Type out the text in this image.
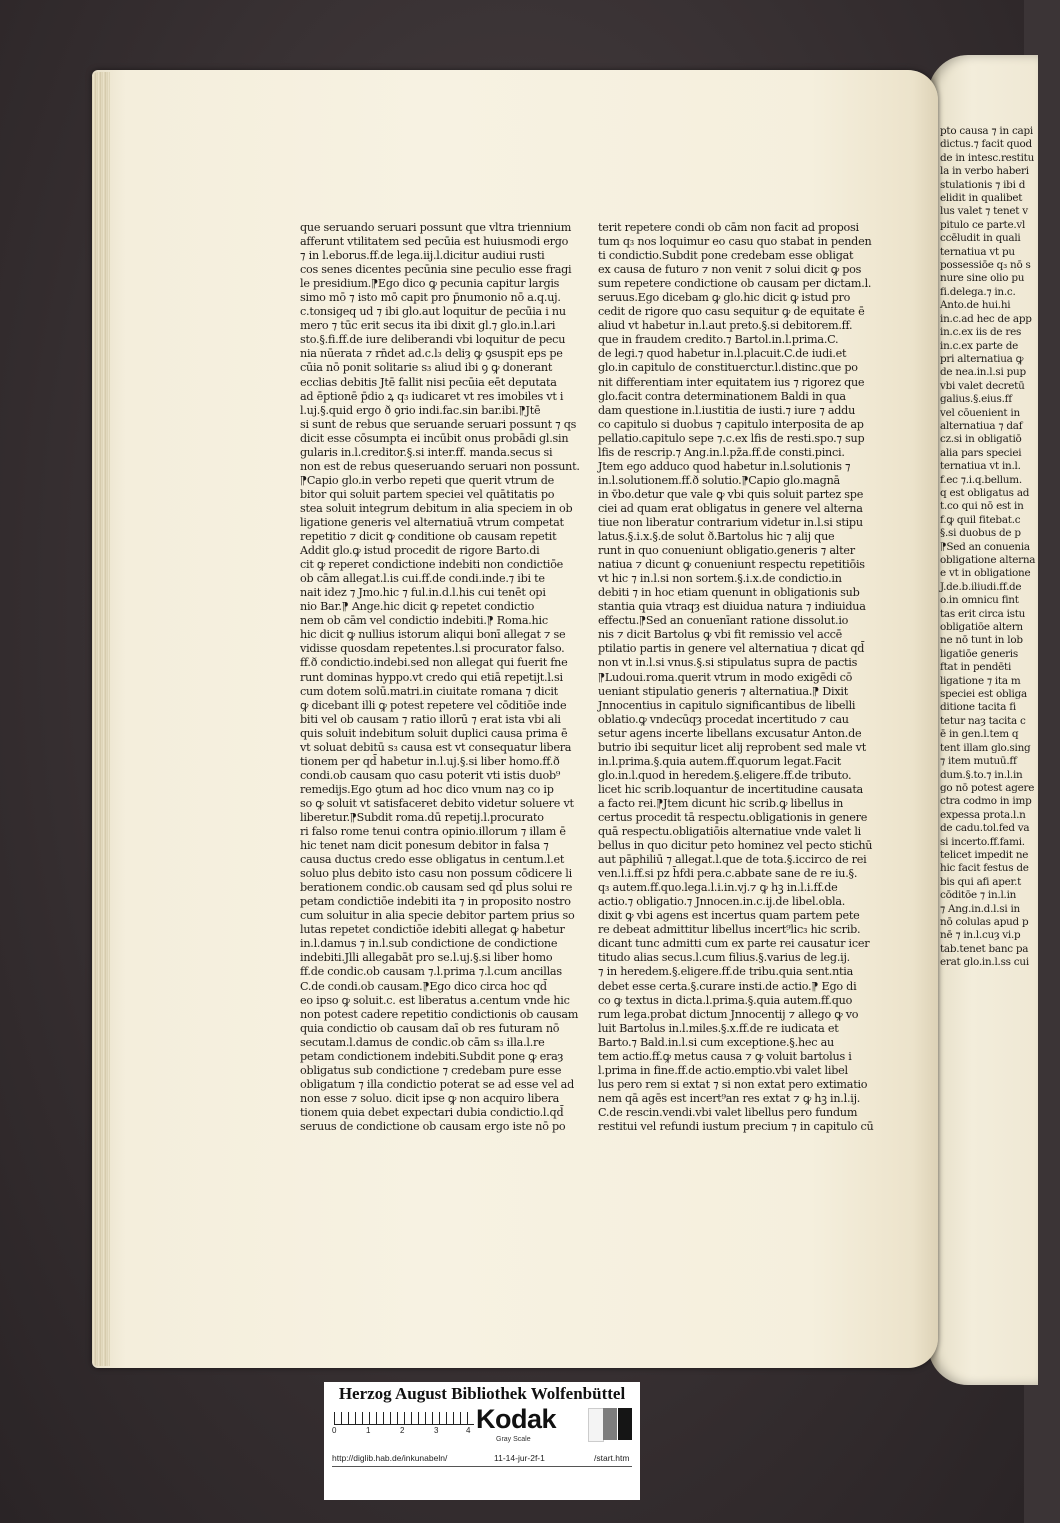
pto causa ⁊ in capi
dictus.⁊ facit quod
de in intesc.restitu
la in verbo haberi
stulationis ⁊ ibi d
elidit in qualibet
lus valet ⁊ tenet v
pitulo ce parte.vl
ccēludit in quali
ternatiua vt pu
possessiōe q₃ nō s
nure sine olio pu
fi.delega.⁊ in.c.
Anto.de hui.hi
in.c.ad hec de app
in.c.ex iis de res
in.c.ex parte de
pri alternatiua ꝙ
de nea.in.l.si pup
vbi valet decretū
galius.§.eius.ff
vel cōuenient in
alternatiua ⁊ daf
cz.si in obligatiō
alia pars speciei
ternatiua vt in.l.
f.ec ⁊.i.q.bellum.
q est obligatus ad
t.co qui nō est in
f.ꝙ quil fitebat.c
§.si duobus de p
⁋Sed an conuenia
obligatione alterna
e vt in obligatione
J.de.b.iliudi.ff.de
o.in omnicu fint
tas erit circa istu
obligatiōe altern
ne nō tunt in lob
ligatiōe generis
ftat in pendēti
ligatione ⁊ ita m
speciei est obliga
ditione tacita fi
tetur naȝ tacita c
ē in gen.l.tem q
tent illam glo.sing
⁊ item mutuū.ff
dum.§.to.⁊ in.l.in
go nō potest agere
ctra codmo in imp
expessa prota.l.n
de cadu.tol.fed va
si incerto.ff.fami.
telicet impedit ne
hic facit festus de
bis qui afi aper.t
cōditōe ⁊ in.l.in
⁊ Ang.in.d.l.si in
nō colulas apud p
nē ⁊ in.l.cuȝ vi.p
tab.tenet banc pa
erat glo.in.l.ss cui
que seruando seruari possunt que vltra triennium
afferunt vtilitatem sed pecūia est huiusmodi ergo
⁊ in l.eborus.ff.de lega.iij.l.dicitur audiui rusti
cos senes dicentes pecūnia sine peculio esse fragi
le presidium.⁋Ego dico ꝙ pecunia capitur largis
simo mō ⁊ isto mō capit pro p̄numonio nō a.q.uj.
c.tonsigeq ud ⁊ ibi glo.aut loquitur de pecūia i nu
mero ⁊ tūc erit secus ita ibi dixit gl.⁊ glo.in.l.ari
sto.§.fi.ff.de iure deliberandi vbi loquitur de pecu
nia nūerata ⁊ rn̄det ad.c.l₃ deliȝ ꝙ ꝯsuspit eps pe
cūia nō ponit solitarie s₃ aliud ibi ꝯ ꝙ donerant
ecclias debitis Jtē fallit nisi pecūia eēt deputata
ad ēptionē p̄dio ꝝ q₃ iudicaret vt res imobiles vt i
l.uj.§.quid ergo ð ꝯrio indi.fac.sin bar.ibi.⁋Jtē
si sunt de rebus que seruande seruari possunt ⁊ qs
dicit esse cōsumpta ei incūbit onus probādi gl.sin
gularis in.l.creditor.§.si inter.ff. manda.secus si
non est de rebus queseruando seruari non possunt.
⁋Capio glo.in verbo repeti que querit vtrum de
bitor qui soluit partem speciei vel quātitatis po
stea soluit integrum debitum in alia speciem in ob
ligatione generis vel alternatiuā vtrum competat
repetitio ⁊ dicit ꝙ conditione ob causam repetit
Addit glo.ꝙ istud procedit de rigore Barto.di
cit ꝙ reperet condictione indebiti non condictiōe
ob cām allegat.l.is cui.ff.de condi.inde.⁊ ibi te
nait idez ⁊ Jmo.hic ⁊ ful.in.d.l.his cui tenēt opi
nio Bar.⁋ Ange.hic dicit ꝙ repetet condictio
nem ob cām vel condictio indebiti.⁋ Roma.hic
hic dicit ꝙ nullius istorum aliqui bonī allegat ⁊ se
vidisse quosdam repetentes.l.si procurator falso.
ff.ð condictio.indebi.sed non allegat qui fuerit fne
runt dominas hyppo.vt credo qui etiā repetijt.l.si
cum dotem solū.matri.in ciuitate romana ⁊ dicit
ꝙ dicebant illi ꝙ potest repetere vel cōditiōe inde
biti vel ob causam ⁊ ratio illorū ⁊ erat ista vbi ali
quis soluit indebitum soluit duplici causa prima ē
vt soluat debitū s₃ causa est vt consequatur libera
tionem per qd̄ habetur in.l.uj.§.si liber homo.ff.ð
condi.ob causam quo casu poterit vti istis duob⁹
remedijs.Ego ꝯtum ad hoc dico vnum naȝ co ip
so ꝙ soluit vt satisfaceret debito videtur soluere vt
liberetur.⁋Subdit roma.dū repetij.l.procurato
ri falso rome tenui contra opinio.illorum ⁊ illam ē
hic tenet nam dicit ponesum debitor in falsa ⁊
causa ductus credo esse obligatus in centum.l.et
soluo plus debito isto casu non possum cōdicere li
berationem condic.ob causam sed qd̄ plus solui re
petam condictiōe indebiti ita ⁊ in proposito nostro
cum soluitur in alia specie debitor partem prius so
lutas repetet condictiōe idebiti allegat ꝙ habetur
in.l.damus ⁊ in.l.sub condictione de condictione
indebiti.Jlli allegabāt pro se.l.uj.§.si liber homo
ff.de condic.ob causam ⁊.l.prima ⁊.l.cum ancillas
C.de condi.ob causam.⁋Ego dico circa hoc qd̄
eo ipso ꝙ soluit.c. est liberatus a.centum vnde hic
non potest cadere repetitio condictionis ob causam
quia condictio ob causam daī ob res futuram nō
secutam.l.damus de condic.ob cām s₃ illa.l.re
petam condictionem indebiti.Subdit pone ꝙ eraȝ
obligatus sub condictione ⁊ credebam pure esse
obligatum ⁊ illa condictio poterat se ad esse vel ad
non esse ⁊ soluo. dicit ipse ꝙ non acquiro libera
tionem quia debet expectari dubia condictio.l.qd̄
seruus de condictione ob causam ergo iste nō po
terit repetere condi ob cām non facit ad proposi
tum q₃ nos loquimur eo casu quo stabat in penden
ti condictio.Subdit pone credebam esse obligat
ex causa de futuro ⁊ non venit ⁊ solui dicit ꝙ pos
sum repetere condictione ob causam per dictam.l.
seruus.Ego dicebam ꝙ glo.hic dicit ꝙ istud pro
cedit de rigore quo casu sequitur ꝙ de equitate ē
aliud vt habetur in.l.aut preto.§.si debitorem.ff.
que in fraudem credito.⁊ Bartol.in.l.prima.C.
de legi.⁊ quod habetur in.l.placuit.C.de iudi.et
glo.in capitulo de constituerctur.l.distinc.que po
nit differentiam inter equitatem ius ⁊ rigorez que
glo.facit contra determinationem Baldi in qua
dam questione in.l.iustitia de iusti.⁊ iure ⁊ addu
co capitulo si duobus ⁊ capitulo interposita de ap
pellatio.capitulo sepe ⁊.c.ex lfis de resti.spo.⁊ sup
lfis de rescrip.⁊ Ang.in.l.pz̄a.ff.de consti.pinci.
Jtem ego adduco quod habetur in.l.solutionis ⁊
in.l.solutionem.ff.ð solutio.⁋Capio glo.magnā
in v̄bo.detur que vale ꝙ vbi quis soluit partez spe
ciei ad quam erat obligatus in genere vel alterna
tiue non liberatur contrarium videtur in.l.si stipu
latus.§.i.x.§.de solut ð.Bartolus hic ⁊ alij que
runt in quo conueniunt obligatio.generis ⁊ alter
natiua ⁊ dicunt ꝙ conueniunt respectu repetitiōis
vt hic ⁊ in.l.si non sortem.§.i.x.de condictio.in
debiti ⁊ in hoc etiam quenunt in obligationis sub
stantia quia vtraqȝ est diuidua natura ⁊ indiuidua
effectu.⁋Sed an conuenīant ratione dissolut.io
nis ⁊ dicit Bartolus ꝙ vbi fit remissio vel accē
ptilatio partis in genere vel alternatiua ⁊ dicat qd̄
non vt in.l.si vnus.§.si stipulatus supra de pactis
⁋Ludoui.roma.querit vtrum in modo exigēdi cō
ueniant stipulatio generis ⁊ alternatiua.⁋ Dixit
Jnnocentius in capitulo significantibus de libelli
oblatio.ꝙ vndecūqȝ procedat incertitudo ⁊ cau
setur agens incerte libellans excusatur Anton.de
butrio ibi sequitur licet alij reprobent sed male vt
in.l.prima.§.quia autem.ff.quorum legat.Facit
glo.in.l.quod in heredem.§.eligere.ff.de tributo.
licet hic scrib.loquantur de incertitudine causata
a facto rei.⁋Jtem dicunt hic scrib.ꝙ libellus in
certus procedit tā respectu.obligationis in genere
quā respectu.obligatiōis alternatiue vnde valet li
bellus in quo dicitur peto hominez vel pecto stichū
aut pāphiliū ⁊ allegat.l.que de tota.§.iccirco de rei
ven.l.i.ff.si pz h̄fdi pera.c.abbate sane de re iu.§.
q₃ autem.ff.quo.lega.l.i.in.vj.⁊ ꝙ hꝫ in.l.i.ff.de
actio.⁊ obligatio.⁊ Jnnocen.in.c.ij.de libel.obla.
dixit ꝙ vbi agens est incertus quam partem pete
re debeat admittitur libellus incert⁹lic₃ hic scrib.
dicant tunc admitti cum ex parte rei causatur icer
titudo alias secus.l.cum filius.§.varius de leg.ij.
⁊ in heredem.§.eligere.ff.de tribu.quia sent.ntia
debet esse certa.§.curare insti.de actio.⁋ Ego di
co ꝙ textus in dicta.l.prima.§.quia autem.ff.quo
rum lega.probat dictum Jnnocentij ⁊ allego ꝙ vo
luit Bartolus in.l.miles.§.x.ff.de re iudicata et
Barto.⁊ Bald.in.l.si cum exceptione.§.hec au
tem actio.ff.ꝙ metus causa ⁊ ꝙ voluit bartolus i
l.prima in fine.ff.de actio.emptio.vbi valet libel
lus pero rem si extat ⁊ si non extat pero extimatio
nem qā agēs est incert⁹an res extat ⁊ ꝙ hꝫ in.l.ij.
C.de rescin.vendi.vbi valet libellus pero fundum
restitui vel refundi iustum precium ⁊ in capitulo cū
Herzog August Bibliothek Wolfenbüttel
0	1	2	3	4 Kodak
Gray Scale
http://diglib.hab.de/inkunabeln/	11-14-jur-2f-1	/start.htm
